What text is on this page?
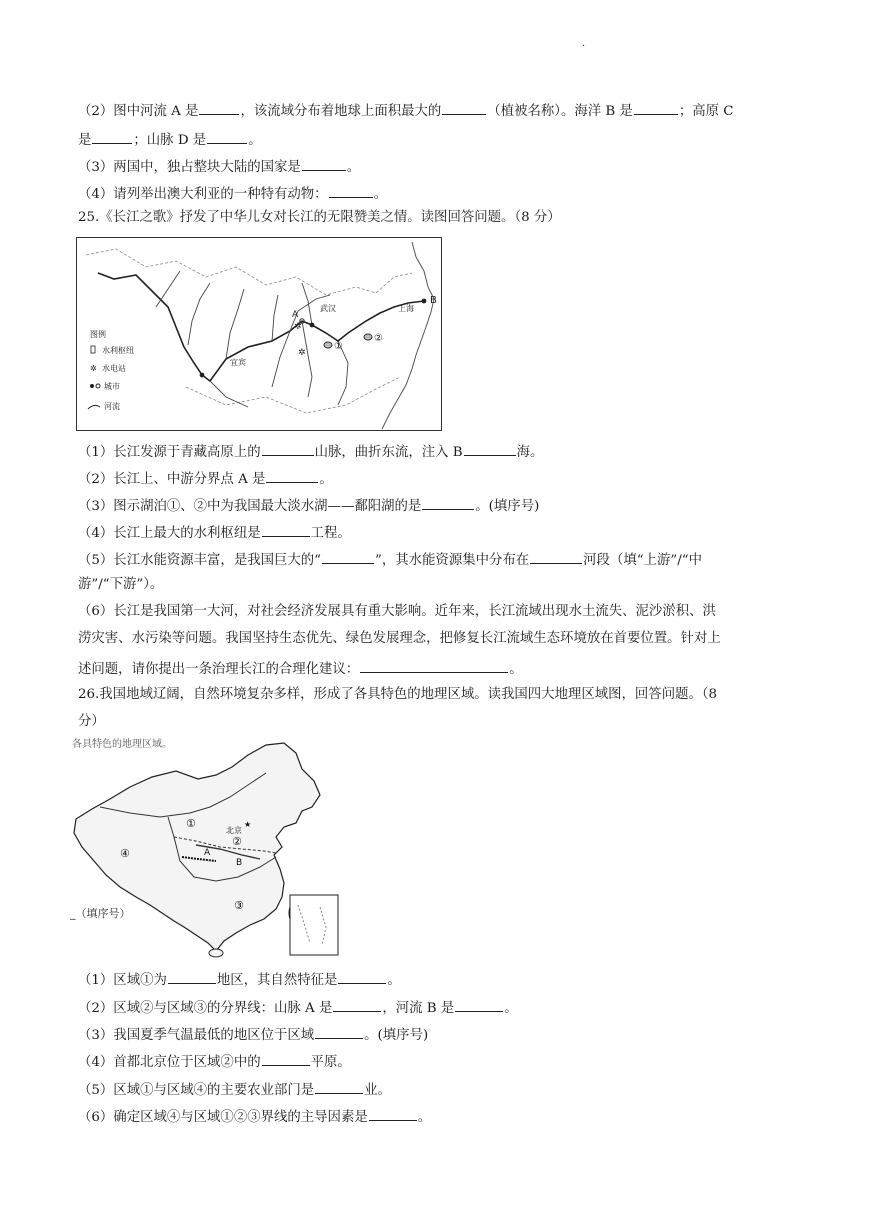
.
（2）图中河流 A 是	，该流域分布着地球上面积最大的	（植被名称）。海洋 B 是	；高原 C
是	；山脉 D 是	。
（3）两国中，独占整块大陆的国家是	。
（4）请列举出澳大利亚的一种特有动物：	。
25.《长江之歌》抒发了中华儿女对长江的无限赞美之情。读图回答问题。（8 分）
✲
✲
A
武汉	上海
B
①
②
宜宾
图例
水利枢纽
✲ 水电站
城市
河流
（1）长江发源于青藏高原上的	山脉，曲折东流，注入 B	海。
（2）长江上、中游分界点 A 是	。
（3）图示湖泊①、②中为我国最大淡水湖——鄱阳湖的是	。(填序号)
（4）长江上最大的水利枢纽是	工程。
（5）长江水能资源丰富，是我国巨大的“	”，其水能资源集中分布在	河段（填“上游”/“中
游”/“下游”）。
（6）长江是我国第一大河，对社会经济发展具有重大影响。近年来，长江流域出现水土流失、泥沙淤积、洪
涝灾害、水污染等问题。我国坚持生态优先、绿色发展理念，把修复长江流域生态环境放在首要位置。针对上
述问题，请你提出一条治理长江的合理化建议：	。
26.我国地域辽阔，自然环境复杂多样，形成了各具特色的地理区域。读我国四大地理区域图，回答问题。（8
分）
各具特色的地理区域。
①
②
③
④	A
B
北京
★
_（填序号）
（1）区域①为	地区，其自然特征是	。
（2）区域②与区域③的分界线：山脉 A 是	，河流 B 是	。
（3）我国夏季气温最低的地区位于区域	。(填序号)
（4）首都北京位于区域②中的	平原。
（5）区域①与区域④的主要农业部门是	业。
（6）确定区域④与区域①②③界线的主导因素是	。
